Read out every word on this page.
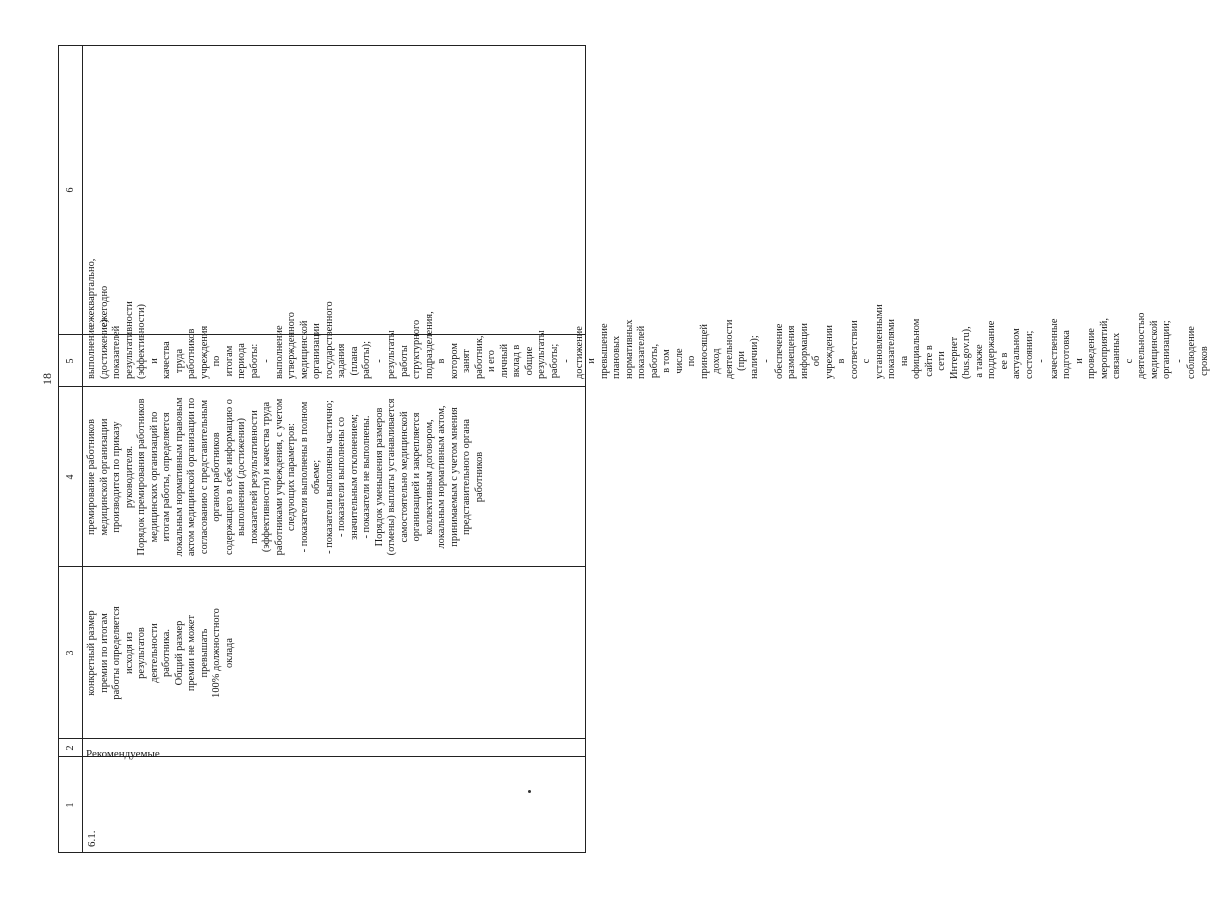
18
1
2
3
4
5
6

6.1.

Рекомендуемые

конкретный размер премии по итогам работы определяется исходя из результатов деятельности работника. Общий размер премии не может превышать 100% должностного оклада

премирование работников медицинской организации производится по приказу руководителя. Порядок премирования работников медицинских организаций по итогам работы, определяется локальным нормативным правовым актом медицинской организации по согласованию с представительным органом работников содержащего в себе информацию о выполнении (достижении) показателей результативности (эффективности) и качества труда работниками учреждения, с учетом следующих параметров: - показатели выполнены в полном объеме; - показатели выполнены частично; - показатели выполнены со значительным отклонением; - показатели не выполнены. Порядок уменьшения размеров (отмены) выплаты устанавливается самостоятельно медицинской организацией и закрепляется коллективным договором, локальным нормативным актом, принимаемым с учетом мнения представительного органа работников

выполнение (достижение) показателей результативности (эффективности) и качества труда работников учреждения по итогам периода работы: - выполнение утвержденного медицинской организации государственного задания (плана работы); - результаты работы структурного подразделения, в котором занят работник, и его личный вклад в общие результаты работы; - достижение и превышение плановых нормативных показателей работы, в том числе по приносящей доход деятельности (при наличии); - обеспечение размещения информации об учреждении в соответствии с установленными показателями на официальном сайте в сети Интернет (bus.gov.ru), а также поддержание ее в актуальном состоянии; - качественные подготовка и проведение мероприятий, связанных с деятельностью медицинской организации; - соблюдение сроков

ежеквартально, ежегодно
